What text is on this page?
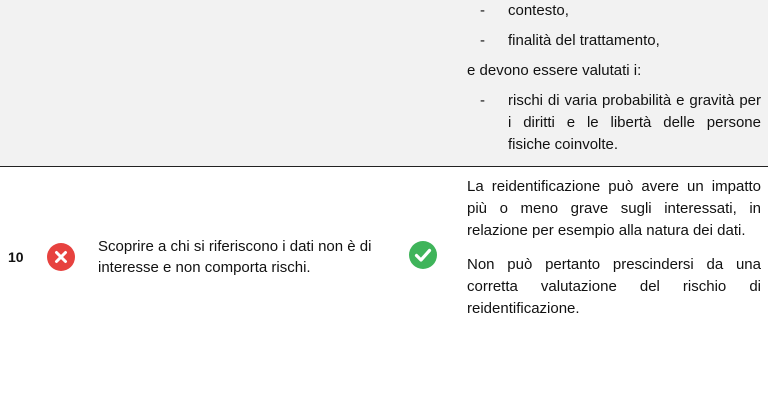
- contesto,
- finalità del trattamento,
e devono essere valutati i:
- rischi di varia probabilità e gravità per i diritti e le libertà delle persone fisiche coinvolte.
10
Scoprire a chi si riferiscono i dati non è di interesse e non comporta rischi.
La reidentificazione può avere un impatto più o meno grave sugli interessati, in relazione per esempio alla natura dei dati.
Non può pertanto prescindersi da una corretta valutazione del rischio di reidentificazione.
